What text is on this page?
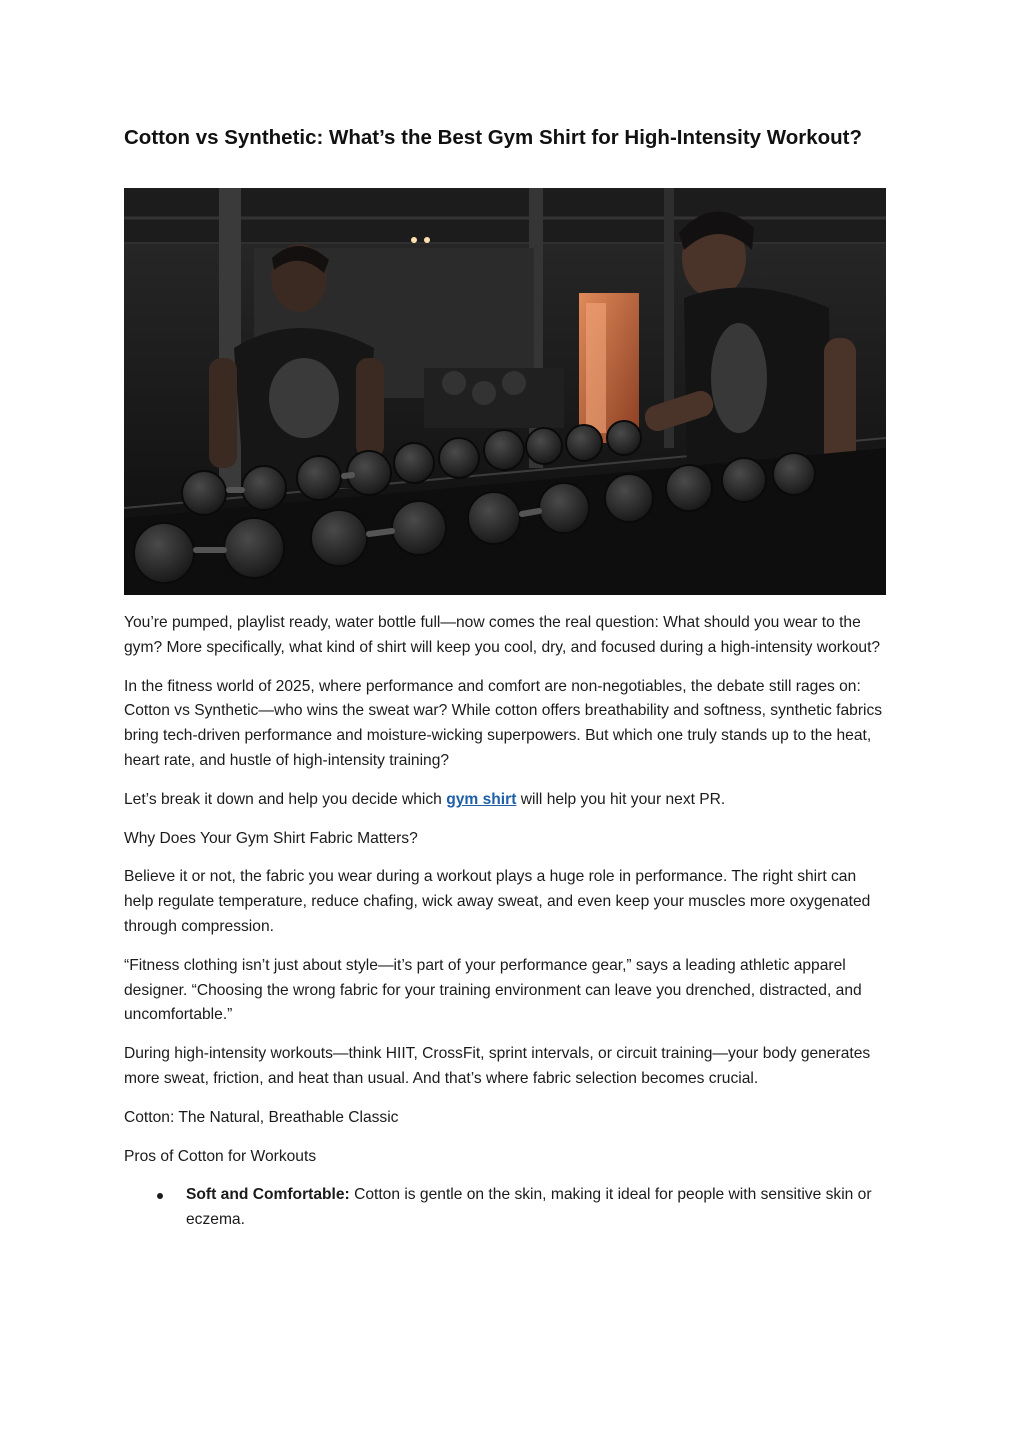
Cotton vs Synthetic: What’s the Best Gym Shirt for High-Intensity Workout?

You’re pumped, playlist ready, water bottle full—now comes the real question: What should you wear to the gym? More specifically, what kind of shirt will keep you cool, dry, and focused during a high-intensity workout?

In the fitness world of 2025, where performance and comfort are non-negotiables, the debate still rages on: Cotton vs Synthetic—who wins the sweat war? While cotton offers breathability and softness, synthetic fabrics bring tech-driven performance and moisture-wicking superpowers. But which one truly stands up to the heat, heart rate, and hustle of high-intensity training?

Let’s break it down and help you decide which gym shirt will help you hit your next PR.

Why Does Your Gym Shirt Fabric Matters?

Believe it or not, the fabric you wear during a workout plays a huge role in performance. The right shirt can help regulate temperature, reduce chafing, wick away sweat, and even keep your muscles more oxygenated through compression.

“Fitness clothing isn’t just about style—it’s part of your performance gear,” says a leading athletic apparel designer. “Choosing the wrong fabric for your training environment can leave you drenched, distracted, and uncomfortable.”

During high-intensity workouts—think HIIT, CrossFit, sprint intervals, or circuit training—your body generates more sweat, friction, and heat than usual. And that’s where fabric selection becomes crucial.

Cotton: The Natural, Breathable Classic

Pros of Cotton for Workouts

Soft and Comfortable: Cotton is gentle on the skin, making it ideal for people with sensitive skin or eczema.
